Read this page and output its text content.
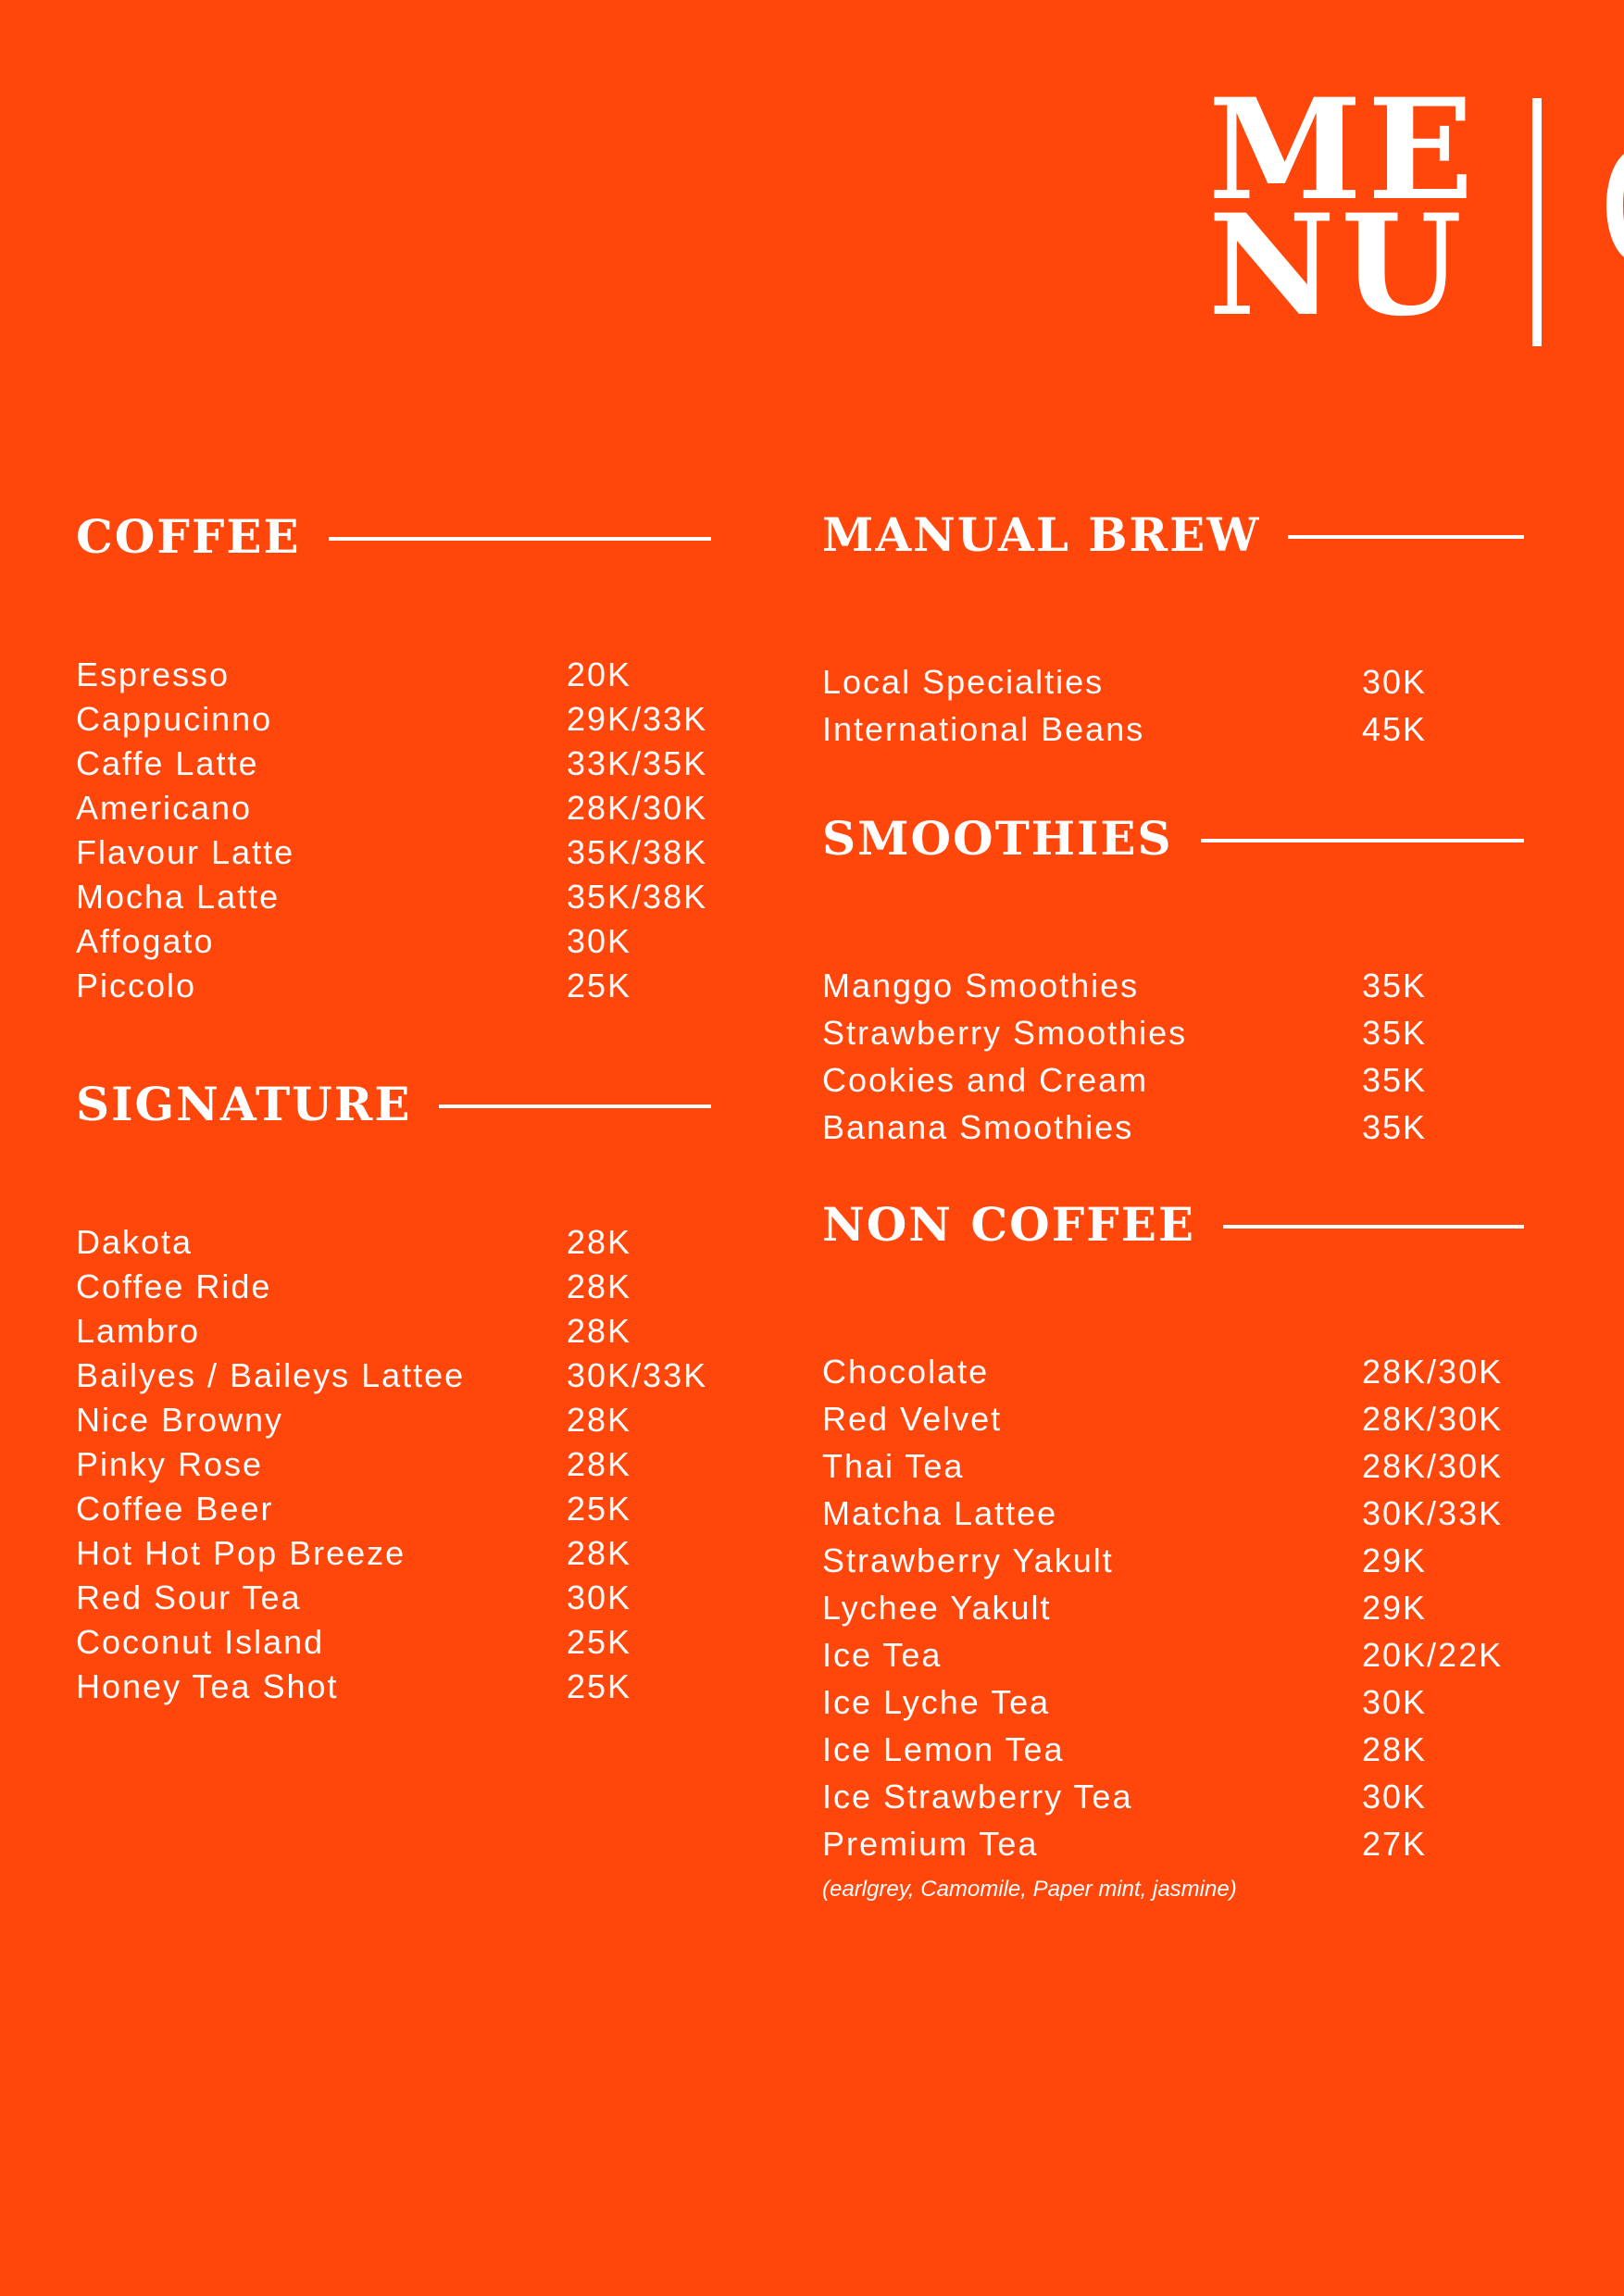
ME
NU
COFFEE
Espresso	20K
Cappucinno	29K/33K
Caffe Latte	33K/35K
Americano	28K/30K
Flavour Latte	35K/38K
Mocha Latte	35K/38K
Affogato	30K
Piccolo	25K
SIGNATURE
Dakota	28K
Coffee Ride	28K
Lambro	28K
Bailyes / Baileys Lattee	30K/33K
Nice Browny	28K
Pinky Rose	28K
Coffee Beer	25K
Hot Hot Pop Breeze	28K
Red Sour Tea	30K
Coconut Island	25K
Honey Tea Shot	25K
MANUAL BREW
Local Specialties	30K
International Beans	45K
SMOOTHIES
Manggo Smoothies	35K
Strawberry Smoothies	35K
Cookies and Cream	35K
Banana Smoothies	35K
NON COFFEE
Chocolate	28K/30K
Red Velvet	28K/30K
Thai Tea	28K/30K
Matcha Lattee	30K/33K
Strawberry Yakult	29K
Lychee Yakult	29K
Ice Tea	20K/22K
Ice Lyche Tea	30K
Ice Lemon Tea	28K
Ice Strawberry Tea	30K
Premium Tea	27K
(earlgrey, Camomile, Paper mint, jasmine)
